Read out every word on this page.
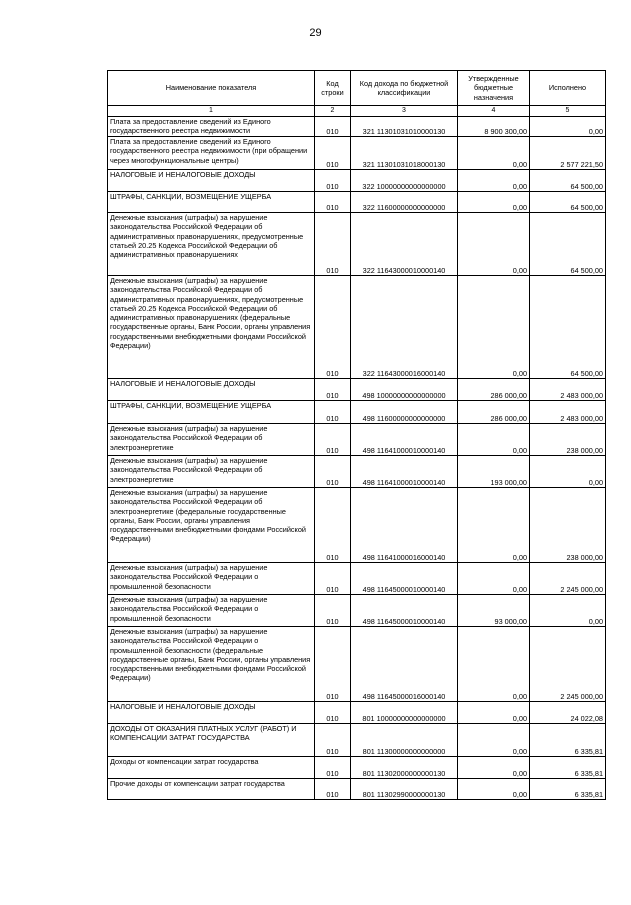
29
Наименование показателя	Код строки	Код дохода по бюджетной классификации	Утвержденные бюджетные назначения	Исполнено
1	2	3	4	5
Плата за предоставление сведений из Единого государственного реестра недвижимости	010	321 11301031010000130	8 900 300,00	0,00
Плата за предоставление сведений из Единого государственного реестра недвижимости (при обращении через многофункциональные центры)	010	321 11301031018000130	0,00	2 577 221,50
НАЛОГОВЫЕ И НЕНАЛОГОВЫЕ ДОХОДЫ	010	322 10000000000000000	0,00	64 500,00
ШТРАФЫ, САНКЦИИ, ВОЗМЕЩЕНИЕ УЩЕРБА	010	322 11600000000000000	0,00	64 500,00
Денежные взыскания (штрафы) за нарушение законодательства Российской Федерации об административных правонарушениях, предусмотренные статьей 20.25 Кодекса Российской Федерации об административных правонарушениях	010	322 11643000010000140	0,00	64 500,00
Денежные взыскания (штрафы) за нарушение законодательства Российской Федерации об административных правонарушениях, предусмотренные статьей 20.25 Кодекса Российской Федерации об административных правонарушениях (федеральные государственные органы, Банк России, органы управления государственными внебюджетными фондами Российской Федерации)	010	322 11643000016000140	0,00	64 500,00
НАЛОГОВЫЕ И НЕНАЛОГОВЫЕ ДОХОДЫ	010	498 10000000000000000	286 000,00	2 483 000,00
ШТРАФЫ, САНКЦИИ, ВОЗМЕЩЕНИЕ УЩЕРБА	010	498 11600000000000000	286 000,00	2 483 000,00
Денежные взыскания (штрафы) за нарушение законодательства Российской Федерации об электроэнергетике	010	498 11641000010000140	0,00	238 000,00
Денежные взыскания (штрафы) за нарушение законодательства Российской Федерации об электроэнергетике	010	498 11641000010000140	193 000,00	0,00
Денежные взыскания (штрафы) за нарушение законодательства Российской Федерации об электроэнергетике (федеральные государственные органы, Банк России, органы управления государственными внебюджетными фондами Российской Федерации)	010	498 11641000016000140	0,00	238 000,00
Денежные взыскания (штрафы) за нарушение законодательства Российской Федерации о промышленной безопасности	010	498 11645000010000140	0,00	2 245 000,00
Денежные взыскания (штрафы) за нарушение законодательства Российской Федерации о промышленной безопасности	010	498 11645000010000140	93 000,00	0,00
Денежные взыскания (штрафы) за нарушение законодательства Российской Федерации о промышленной безопасности (федеральные государственные органы, Банк России, органы управления государственными внебюджетными фондами Российской Федерации)	010	498 11645000016000140	0,00	2 245 000,00
НАЛОГОВЫЕ И НЕНАЛОГОВЫЕ ДОХОДЫ	010	801 10000000000000000	0,00	24 022,08
ДОХОДЫ ОТ ОКАЗАНИЯ ПЛАТНЫХ УСЛУГ (РАБОТ) И КОМПЕНСАЦИИ ЗАТРАТ ГОСУДАРСТВА	010	801 11300000000000000	0,00	6 335,81
Доходы от компенсации затрат государства	010	801 11302000000000130	0,00	6 335,81
Прочие доходы от компенсации затрат государства	010	801 11302990000000130	0,00	6 335,81
